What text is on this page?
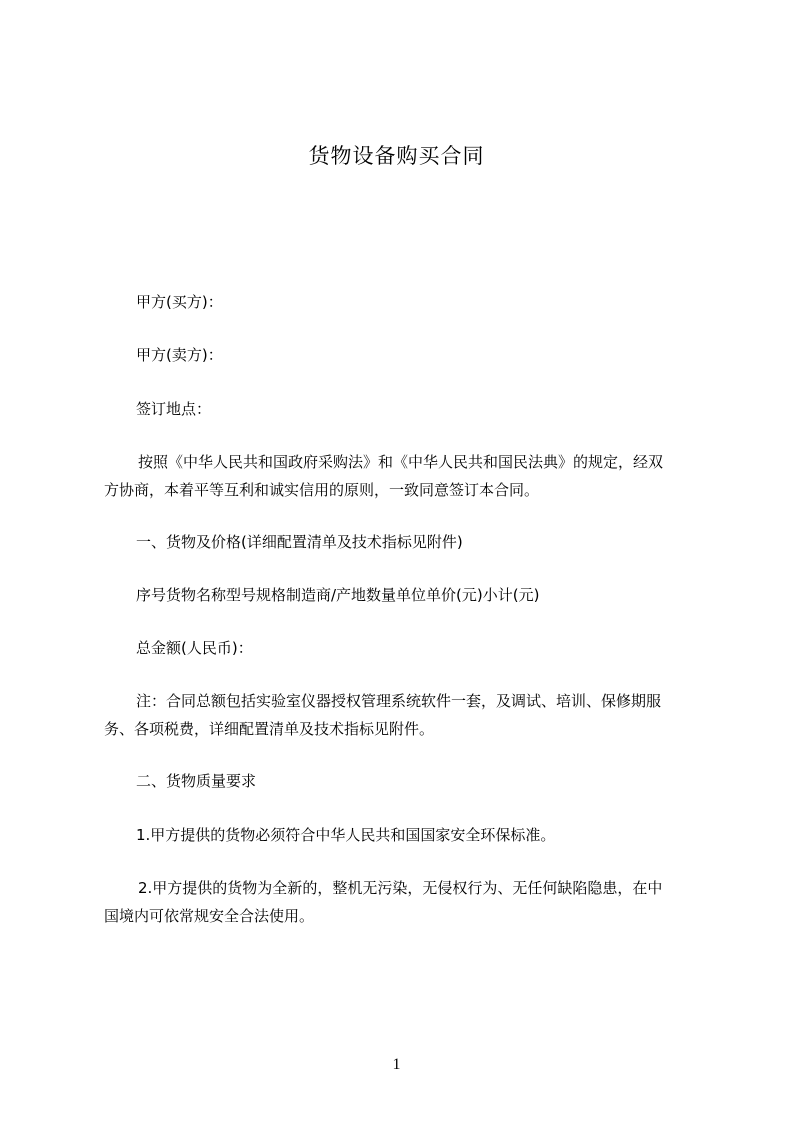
货物设备购买合同
甲方(买方)：
甲方(卖方)：
签订地点：
按照《中华人民共和国政府采购法》和《中华人民共和国民法典》的规定，经双
方协商，本着平等互利和诚实信用的原则，一致同意签订本合同。
一、货物及价格(详细配置清单及技术指标见附件)
序号货物名称型号规格制造商/产地数量单位单价(元)小计(元)
总金额(人民币)：
注：合同总额包括实验室仪器授权管理系统软件一套，及调试、培训、保修期服
务、各项税费，详细配置清单及技术指标见附件。
二、货物质量要求
1.甲方提供的货物必须符合中华人民共和国国家安全环保标准。
2.甲方提供的货物为全新的，整机无污染，无侵权行为、无任何缺陷隐患，在中
国境内可依常规安全合法使用。
1
